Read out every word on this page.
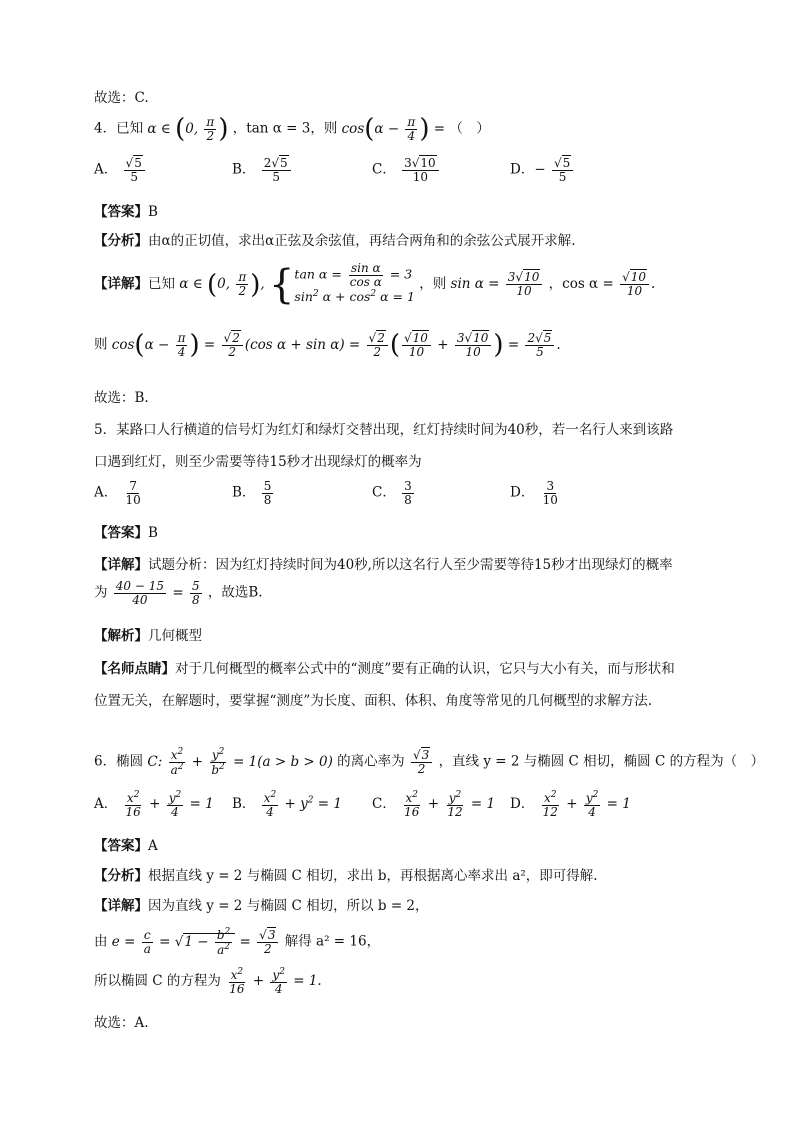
故选：C.
4．已知 α ∈ (0, $\frac{\pi}{2}$ ) ，tan α = 3，则 $\cos(\alpha - \frac{\pi}{4}$ ) = （　）
A． $\frac{√5}{5}$	B． $\frac{2√5}{5}$	C． $\frac{3√10}{10}$	D．− $\frac{√5}{5}$
【 答案 】 B
【 分析 】 由α的正切值，求出α正弦及余弦值，再结合两角和的余弦公式展开求解.
【 详解 】 已知 α ∈ (0, $\frac{\pi}{2}$ ), { $\tan \alpha = \frac{\text{sin α}}{\text{cos α}} = 3$
$\sin^2 \alpha + \cos^2 \alpha = 1$
，则 $\sin \alpha = \frac{3√10}{10}$ ，$\cos \alpha = \frac{√10}{10}$ .
则 $\cos(\alpha - \frac{\pi}{4}$ ) = $\frac{√2}{2} (\cos$ $\alpha + \sin \alpha) = \frac{√2}{2}$ ( $\frac{√10}{10} + \frac{3√10}{10}$ ) = $\frac{2√5}{5}$ .
故选：B.
5．某路口人行横道的信号灯为红灯和绿灯交替出现，红灯持续时间为40秒，若一名行人来到该路
口遇到红灯，则至少需要等待15秒才出现绿灯的概率为
A． $\frac{7}{10}$	B． $\frac{5}{8}$	C． $\frac{3}{8}$	D． $\frac{3}{10}$
【 答案 】 B
【 详解 】 试题分析：因为红灯持续时间为40秒,所以这名行人至少需要等待15秒才出现绿灯的概率
为 $\frac{40 - 15}{40} = \frac{5}{8}$ ，故选B.
【 解析 】 几何概型
【 名师点睛 】 对于几何概型的概率公式中的“测度”要有正确的认识，它只与大小有关，而与形状和
位置无关，在解题时，要掌握“测度”为长度、面积、体积、角度等常见的几何概型的求解方法.
6．椭圆 C: $\frac{x^2}{a^2} + \frac{y^2}{b^2} = 1(a > b > 0)$ 的离心率为 $\frac{√3}{2}$ ，直线 y = 2 与椭圆 C 相切，椭圆 C 的方程为（　）
A． $\frac{x^2}{16} + \frac{y^2}{4} = 1$ B． $\frac{x^2}{4} + y^2 = 1$ C． $\frac{x^2}{16} + \frac{y^2}{12} = 1$ D． $\frac{x^2}{12} + \frac{y^2}{4} = 1$
【 答案 】 A
【 分析 】 根据直线 y = 2 与椭圆 C 相切，求出 b，再根据离心率求出 a²，即可得解.
【 详解 】 因为直线 y = 2 与椭圆 C 相切，所以 b = 2，
由 $e = \frac{c}{a} = √1 - \frac{b^2}{a^2} = \frac{√3}{2}$ 解得 a² = 16，
所以椭圆 C 的方程为 $\frac{x^2}{16} + \frac{y^2}{4} = 1$.
故选：A.
